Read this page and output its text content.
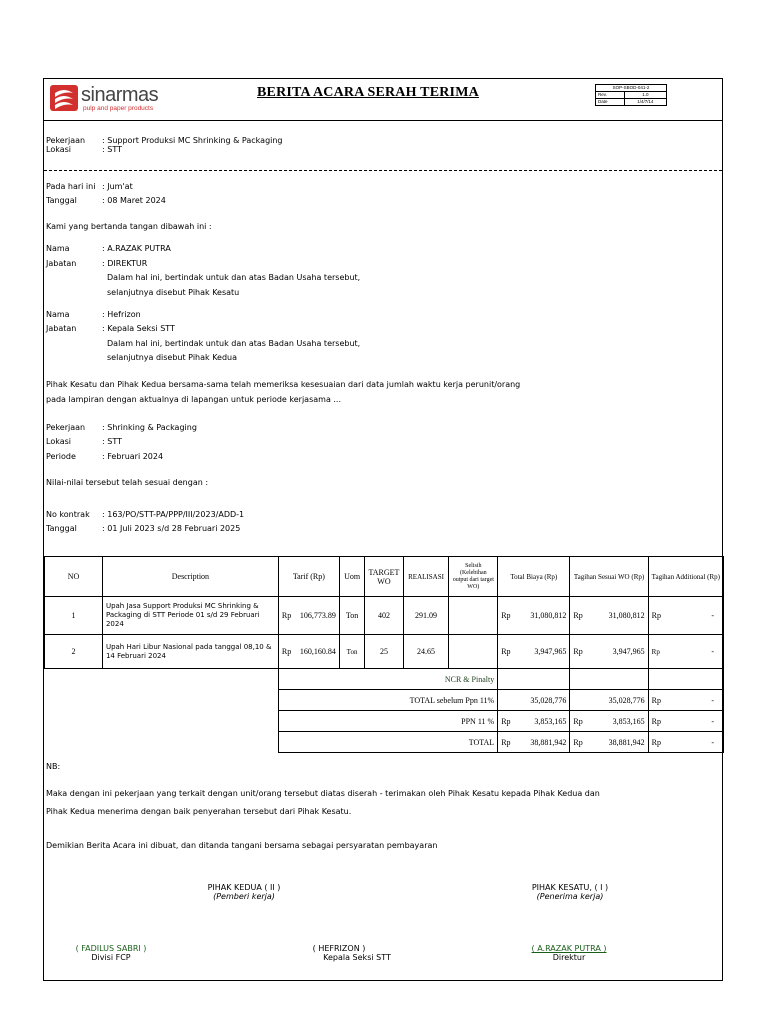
sinarmas
pulp and paper products
BERITA ACARA SERAH TERIMA	SOP-SBOD-041-2	
Rev.	1.0
Date	1/4/7/14
Pekerjaan : Support Produksi MC Shrinking & Packaging
Lokasi	: STT
Pada hari ini : Jum'at
Tanggal	: 08 Maret 2024
Kami yang bertanda tangan dibawah ini :
Nama	: A.RAZAK PUTRA
Jabatan	: DIREKTUR
Dalam hal ini, bertindak untuk dan atas Badan Usaha tersebut,
selanjutnya disebut Pihak Kesatu
Nama	: Hefrizon
Jabatan	: Kepala Seksi STT
Dalam hal ini, bertindak untuk dan atas Badan Usaha tersebut,
selanjutnya disebut Pihak Kedua
Pihak Kesatu dan Pihak Kedua bersama-sama telah memeriksa kesesuaian dari data jumlah waktu kerja perunit/orang
pada lampiran dengan aktualnya di lapangan untuk periode kerjasama ...
Pekerjaan : Shrinking & Packaging
Lokasi	: STT
Periode	: Februari 2024
Nilai-nilai tersebut telah sesuai dengan :
No kontrak : 163/PO/STT-PA/PPP/III/2023/ADD-1
Tanggal	: 01 Juli 2023 s/d 28 Februari 2025
NO	Description	Tarif (Rp)	Uom	TARGET WO	REALISASI	Selisih (Kelebihan output dari target WO)	Total Biaya (Rp)	Tagihan Sesuai WO (Rp)	Tagihan Additional (Rp)
1	Upah Jasa Support Produksi MC Shrinking & Packaging di STT Periode 01 s/d 29 Februari 2024	Rp 106,773.89	Ton	402	291.09		Rp 31,080,812	Rp 31,080,812	Rp -

2	Upah Hari Libur Nasional pada tanggal 08,10 & 14 Februari 2024	Rp 160,160.84	Ton	25	24.65		Rp 3,947,965	Rp 3,947,965	Rp -

		NCR & Pinalty							
		TOTAL sebelum Ppn 11%					35,028,776	35,028,776	Rp -

		PPN 11 %					Rp 3,853,165	Rp 3,853,165	Rp -

		TOTAL					Rp 38,881,942	Rp 38,881,942	Rp -
NB:
Maka dengan ini pekerjaan yang terkait dengan unit/orang tersebut diatas diserah - terimakan oleh Pihak Kesatu kepada Pihak Kedua dan
Pihak Kedua menerima dengan baik penyerahan tersebut dari Pihak Kesatu.
Demikian Berita Acara ini dibuat, dan ditanda tangani bersama sebagai persyaratan pembayaran
PIHAK KEDUA ( II )
(Pemberi kerja)
PIHAK KESATU, ( I )
(Penerima kerja)
( FADILUS SABRI )
Divisi FCP
( HEFRIZON )
Kepala Seksi STT
( A.RAZAK PUTRA )
Direktur
